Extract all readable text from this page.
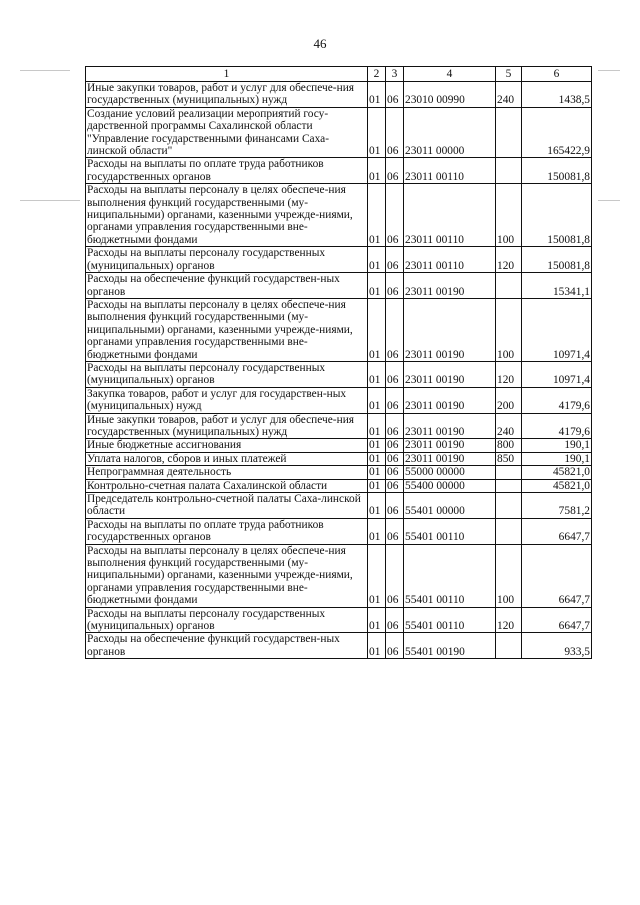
46
1	2	3	4	5	6
Иные закупки товаров, работ и услуг для обеспече-ния государственных (муниципальных) нужд	01	06	23010 00990	240	1438,5
Создание условий реализации мероприятий госу-дарственной программы Сахалинской области "Управление государственными финансами Саха-линской области"	01	06	23011 00000		165422,9
Расходы на выплаты по оплате труда работников государственных органов	01	06	23011 00110		150081,8
Расходы на выплаты персоналу в целях обеспече-ния выполнения функций государственными (му-ниципальными) органами, казенными учрежде-ниями, органами управления государственными вне-бюджетными фондами	01	06	23011 00110	100	150081,8
Расходы на выплаты персоналу государственных (муниципальных) органов	01	06	23011 00110	120	150081,8
Расходы на обеспечение функций государствен-ных органов	01	06	23011 00190		15341,1
Расходы на выплаты персоналу в целях обеспече-ния выполнения функций государственными (му-ниципальными) органами, казенными учрежде-ниями, органами управления государственными вне-бюджетными фондами	01	06	23011 00190	100	10971,4
Расходы на выплаты персоналу государственных (муниципальных) органов	01	06	23011 00190	120	10971,4
Закупка товаров, работ и услуг для государствен-ных (муниципальных) нужд	01	06	23011 00190	200	4179,6
Иные закупки товаров, работ и услуг для обеспече-ния государственных (муниципальных) нужд	01	06	23011 00190	240	4179,6
Иные бюджетные ассигнования	01	06	23011 00190	800	190,1
Уплата налогов, сборов и иных платежей	01	06	23011 00190	850	190,1
Непрограммная деятельность	01	06	55000 00000		45821,0
Контрольно-счетная палата Сахалинской области	01	06	55400 00000		45821,0
Председатель контрольно-счетной палаты Саха-линской области	01	06	55401 00000		7581,2
Расходы на выплаты по оплате труда работников государственных органов	01	06	55401 00110		6647,7
Расходы на выплаты персоналу в целях обеспече-ния выполнения функций государственными (му-ниципальными) органами, казенными учрежде-ниями, органами управления государственными вне-бюджетными фондами	01	06	55401 00110	100	6647,7
Расходы на выплаты персоналу государственных (муниципальных) органов	01	06	55401 00110	120	6647,7
Расходы на обеспечение функций государствен-ных органов	01	06	55401 00190		933,5
